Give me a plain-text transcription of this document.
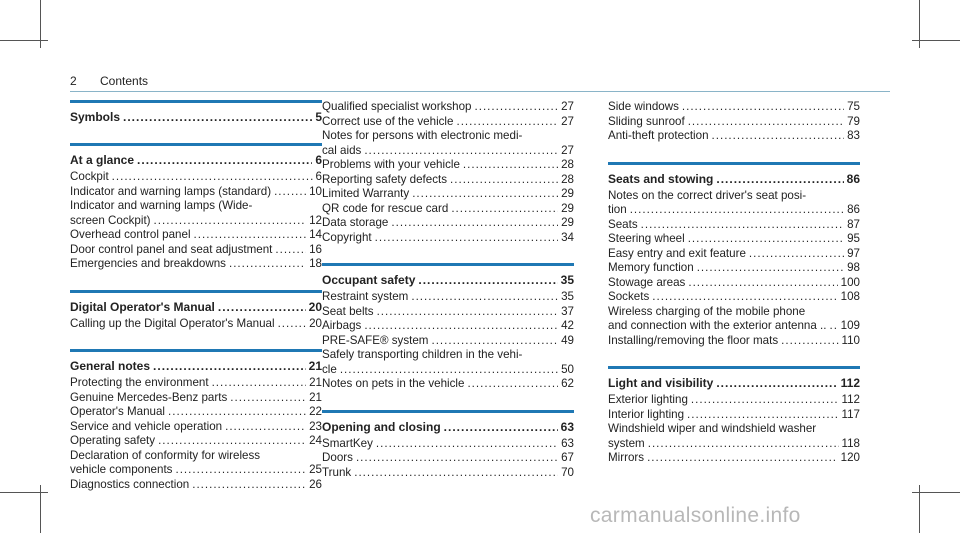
2 Contents
Symbols .....	5
At a glance .....	6
Cockpit .....	6
Indicator and warning lamps (standard) .....	10
Indicator and warning lamps (Wide-
screen Cockpit) .....	12
Overhead control panel .....	14
Door control panel and seat adjustment .....	16
Emergencies and breakdowns .....	18
Digital Operator's Manual .....	20
Calling up the Digital Operator's Manual .....	20
General notes .....	21
Protecting the environment .....	21
Genuine Mercedes-Benz parts .....	21
Operator's Manual .....	22
Service and vehicle operation .....	23
Operating safety .....	24
Declaration of conformity for wireless
vehicle components .....	25
Diagnostics connection .....	26
Qualified specialist workshop .....	27
Correct use of the vehicle .....	27
Notes for persons with electronic medi-
cal aids .....	27
Problems with your vehicle .....	28
Reporting safety defects .....	28
Limited Warranty .....	29
QR code for rescue card .....	29
Data storage .....	29
Copyright .....	34
Occupant safety .....	35
Restraint system .....	35
Seat belts .....	37
Airbags .....	42
PRE-SAFE® system .....	49
Safely transporting children in the vehi-
cle .....	50
Notes on pets in the vehicle .....	62
Opening and closing .....	63
SmartKey .....	63
Doors .....	67
Trunk .....	70
Side windows .....	75
Sliding sunroof .....	79
Anti-theft protection .....	83
Seats and stowing .....	86
Notes on the correct driver's seat posi-
tion .....	86
Seats .....	87
Steering wheel .....	95
Easy entry and exit feature .....	97
Memory function .....	98
Stowage areas .....	100
Sockets .....	108
Wireless charging of the mobile phone
and connection with the exterior antenna .. ..... 109
Installing/removing the floor mats .....	110
Light and visibility .....	112
Exterior lighting .....	112
Interior lighting .....	117
Windshield wiper and windshield washer
system .....	118
Mirrors .....	120
carmanualsonline.info
